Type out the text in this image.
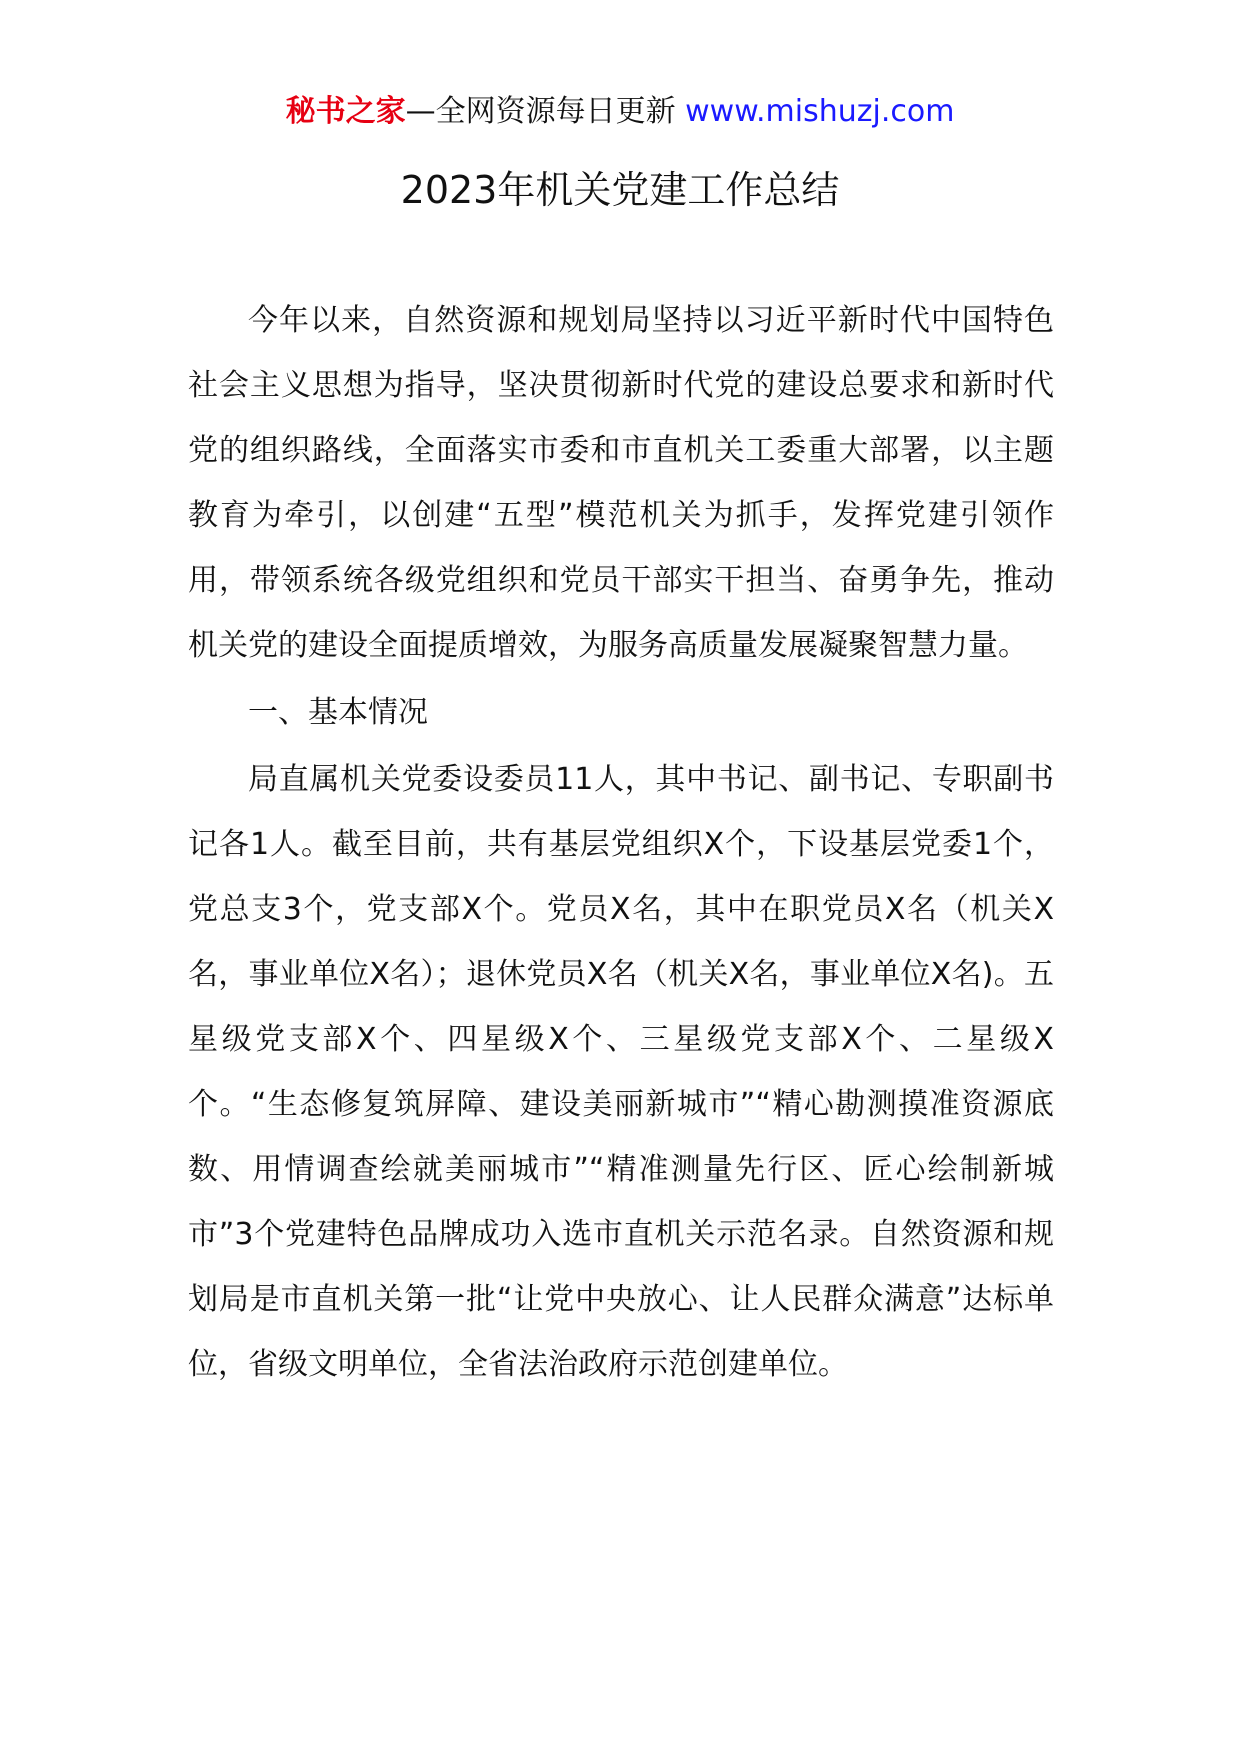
秘书之家—全网资源每日更新 www.mishuzj.com
2023年机关党建工作总结

今年以来，自然资源和规划局坚持以习近平新时代中国特色社会主义思想为指导，坚决贯彻新时代党的建设总要求和新时代党的组织路线，全面落实市委和市直机关工委重大部署，以主题教育为牵引，以创建“五型”模范机关为抓手，发挥党建引领作用，带领系统各级党组织和党员干部实干担当、奋勇争先，推动机关党的建设全面提质增效，为服务高质量发展凝聚智慧力量。

一、基本情况

局直属机关党委设委员11人，其中书记、副书记、专职副书记各1人。截至目前，共有基层党组织X个，下设基层党委1个，党总支3个，党支部X个。党员X名，其中在职党员X名（机关X名，事业单位X名）；退休党员X名（机关X名，事业单位X名)。五星级党支部X个、四星级X个、三星级党支部X个、二星级X个。“生态修复筑屏障、建设美丽新城市”“精心勘测摸准资源底数、用情调查绘就美丽城市”“精准测量先行区、匠心绘制新城市”3个党建特色品牌成功入选市直机关示范名录。自然资源和规划局是市直机关第一批“让党中央放心、让人民群众满意”达标单位，省级文明单位，全省法治政府示范创建单位。
